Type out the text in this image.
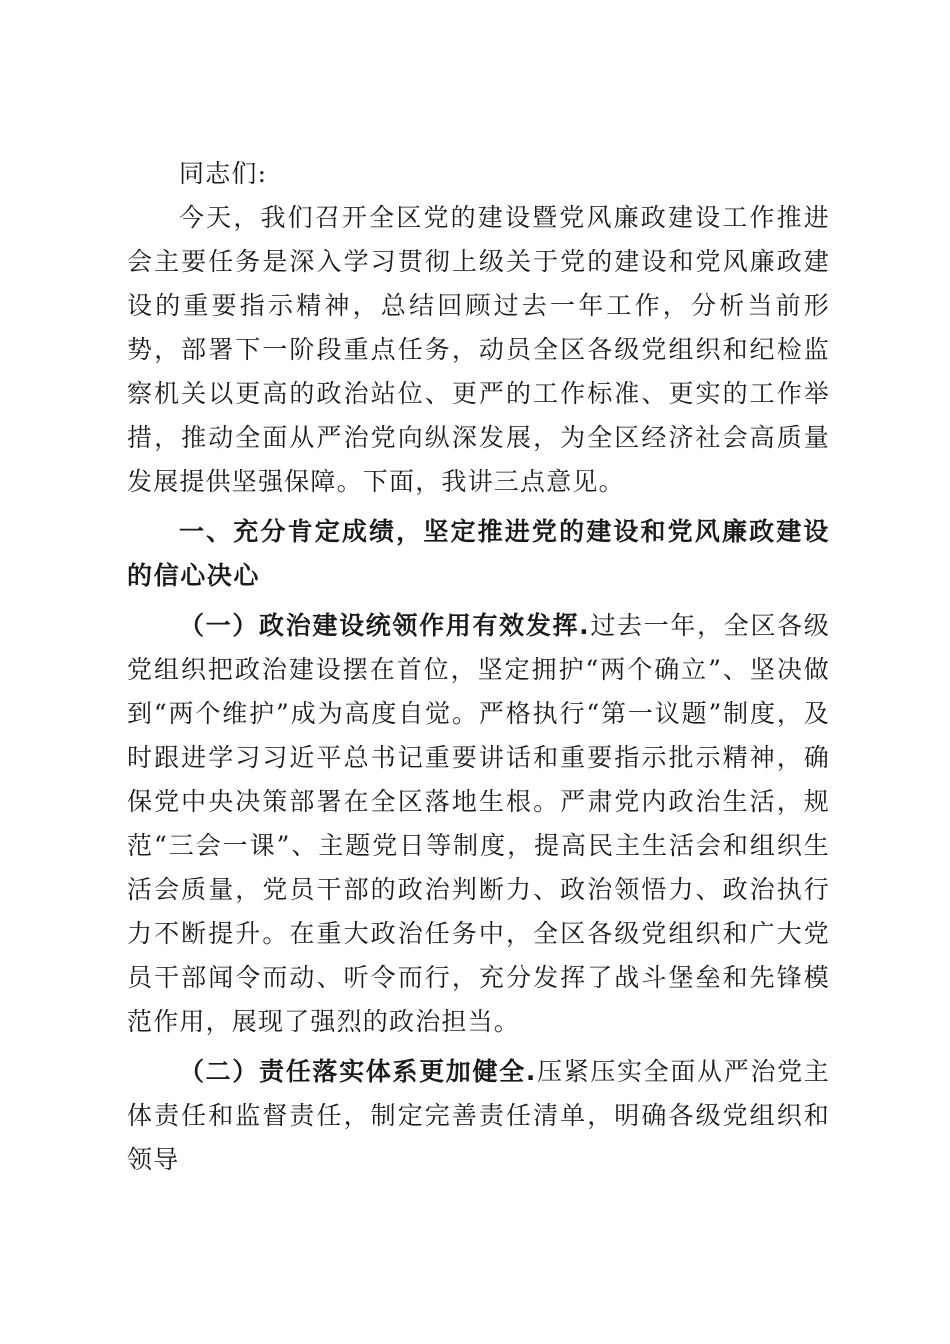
同志们:

今天，我们召开全区党的建设暨党风廉政建设工作推进会主要任务是深入学习贯彻上级关于党的建设和党风廉政建设的重要指示精神，总结回顾过去一年工作，分析当前形势，部署下一阶段重点任务，动员全区各级党组织和纪检监察机关以更高的政治站位、更严的工作标准、更实的工作举措，推动全面从严治党向纵深发展，为全区经济社会高质量发展提供坚强保障。下面，我讲三点意见。

一、充分肯定成绩，坚定推进党的建设和党风廉政建设的信心决心

（一）政治建设统领作用有效发挥.过去一年，全区各级党组织把政治建设摆在首位，坚定拥护“两个确立”、坚决做到“两个维护”成为高度自觉。严格执行“第一议题”制度，及时跟进学习习近平总书记重要讲话和重要指示批示精神，确保党中央决策部署在全区落地生根。严肃党内政治生活，规范“三会一课”、主题党日等制度，提高民主生活会和组织生活会质量，党员干部的政治判断力、政治领悟力、政治执行力不断提升。在重大政治任务中，全区各级党组织和广大党员干部闻令而动、听令而行，充分发挥了战斗堡垒和先锋模范作用，展现了强烈的政治担当。

（二）责任落实体系更加健全.压紧压实全面从严治党主体责任和监督责任，制定完善责任清单，明确各级党组织和领导
